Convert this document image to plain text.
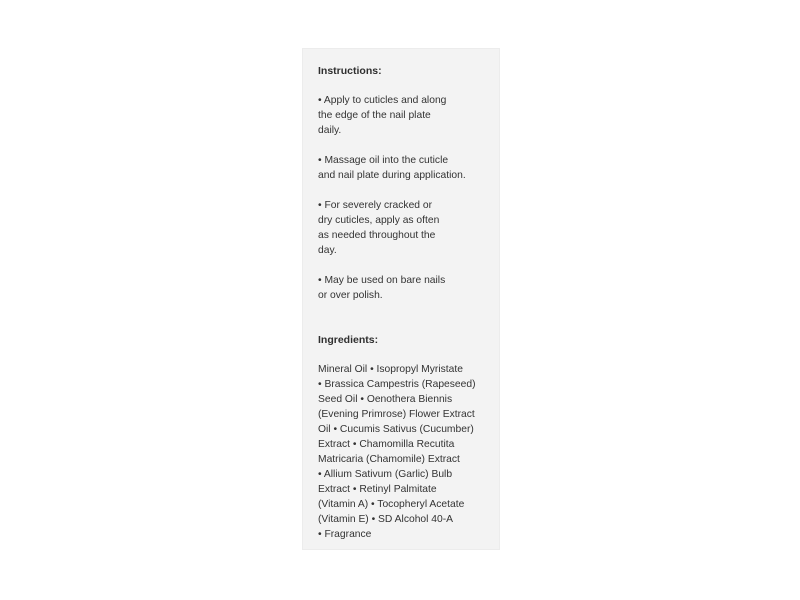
Instructions:

• Apply to cuticles and along
the edge of the nail plate
daily.
• Massage oil into the cuticle
and nail plate during application.
• For severely cracked or
dry cuticles, apply as often
as needed throughout the
day.
• May be used on bare nails
or over polish.

Ingredients:

Mineral Oil • Isopropyl Myristate
• Brassica Campestris (Rapeseed)
Seed Oil • Oenothera Biennis
(Evening Primrose) Flower Extract
Oil • Cucumis Sativus (Cucumber)
Extract • Chamomilla Recutita
Matricaria (Chamomile) Extract
• Allium Sativum (Garlic) Bulb
Extract • Retinyl Palmitate
(Vitamin A) • Tocopheryl Acetate
(Vitamin E) • SD Alcohol 40-A
• Fragrance
